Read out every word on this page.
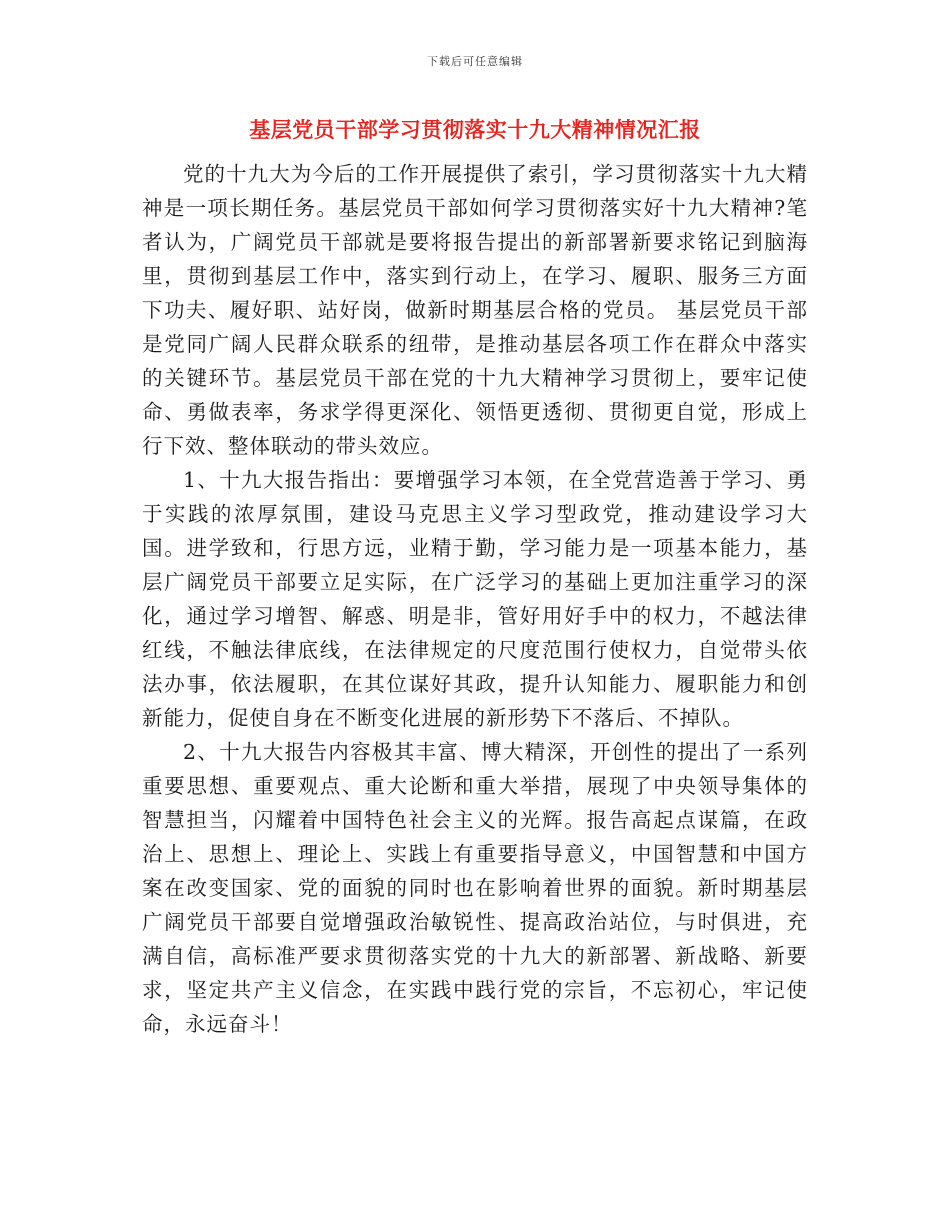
下载后可任意编辑
基层党员干部学习贯彻落实十九大精神情况汇报

党的十九大为今后的工作开展提供了索引，学习贯彻落实十九大精神是一项长期任务。基层党员干部如何学习贯彻落实好十九大精神?笔者认为，广阔党员干部就是要将报告提出的新部署新要求铭记到脑海里，贯彻到基层工作中，落实到行动上，在学习、履职、服务三方面下功夫、履好职、站好岗，做新时期基层合格的党员。 基层党员干部是党同广阔人民群众联系的纽带，是推动基层各项工作在群众中落实的关键环节。基层党员干部在党的十九大精神学习贯彻上，要牢记使命、勇做表率，务求学得更深化、领悟更透彻、贯彻更自觉，形成上行下效、整体联动的带头效应。

1、十九大报告指出：要增强学习本领，在全党营造善于学习、勇于实践的浓厚氛围，建设马克思主义学习型政党，推动建设学习大国。进学致和，行思方远，业精于勤，学习能力是一项基本能力，基层广阔党员干部要立足实际，在广泛学习的基础上更加注重学习的深化，通过学习增智、解惑、明是非，管好用好手中的权力，不越法律红线，不触法律底线，在法律规定的尺度范围行使权力，自觉带头依法办事，依法履职，在其位谋好其政，提升认知能力、履职能力和创新能力，促使自身在不断变化进展的新形势下不落后、不掉队。

2、十九大报告内容极其丰富、博大精深，开创性的提出了一系列重要思想、重要观点、重大论断和重大举措，展现了中央领导集体的智慧担当，闪耀着中国特色社会主义的光辉。报告高起点谋篇，在政治上、思想上、理论上、实践上有重要指导意义，中国智慧和中国方案在改变国家、党的面貌的同时也在影响着世界的面貌。新时期基层广阔党员干部要自觉增强政治敏锐性、提高政治站位，与时俱进，充满自信，高标准严要求贯彻落实党的十九大的新部署、新战略、新要求，坚定共产主义信念，在实践中践行党的宗旨，不忘初心，牢记使命，永远奋斗！
